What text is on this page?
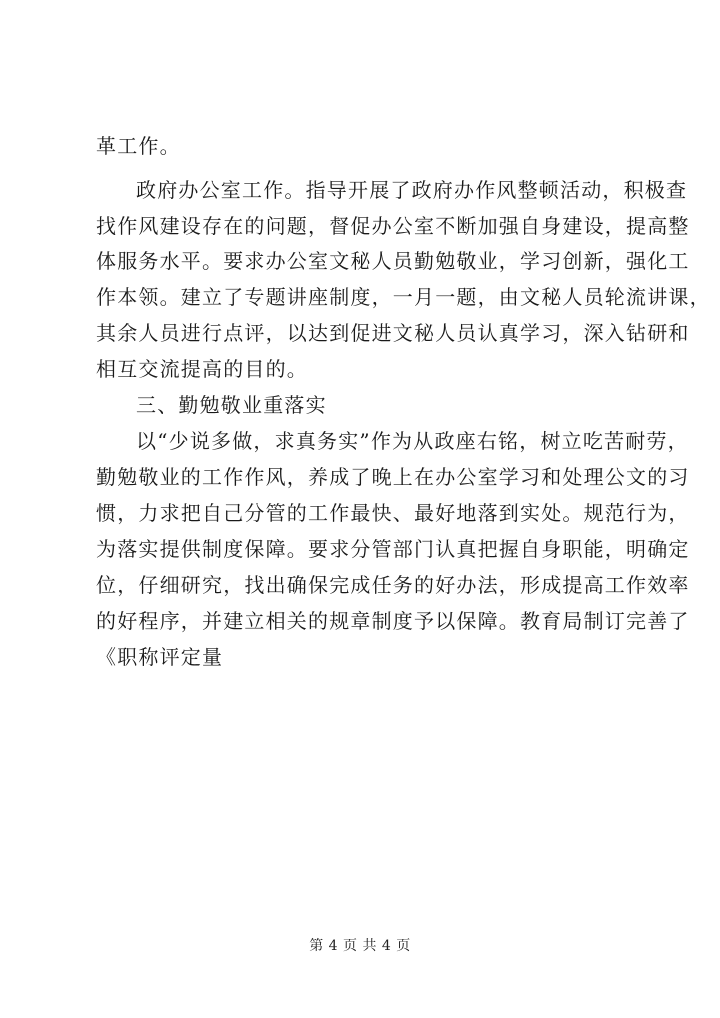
革工作。
政府办公室工作。指导开展了政府办作风整顿活动，积极查
找作风建设存在的问题，督促办公室不断加强自身建设，提高整
体服务水平。要求办公室文秘人员勤勉敬业，学习创新，强化工
作本领。建立了专题讲座制度，一月一题，由文秘人员轮流讲课，
其余人员进行点评，以达到促进文秘人员认真学习，深入钻研和
相互交流提高的目的。
三、勤勉敬业重落实
以“少说多做，求真务实”作为从政座右铭，树立吃苦耐劳，
勤勉敬业的工作作风，养成了晚上在办公室学习和处理公文的习
惯，力求把自己分管的工作最快、最好地落到实处。规范行为，
为落实提供制度保障。要求分管部门认真把握自身职能，明确定
位，仔细研究，找出确保完成任务的好办法，形成提高工作效率
的好程序，并建立相关的规章制度予以保障。教育局制订完善了
《职称评定量
第 4 页 共 4 页
